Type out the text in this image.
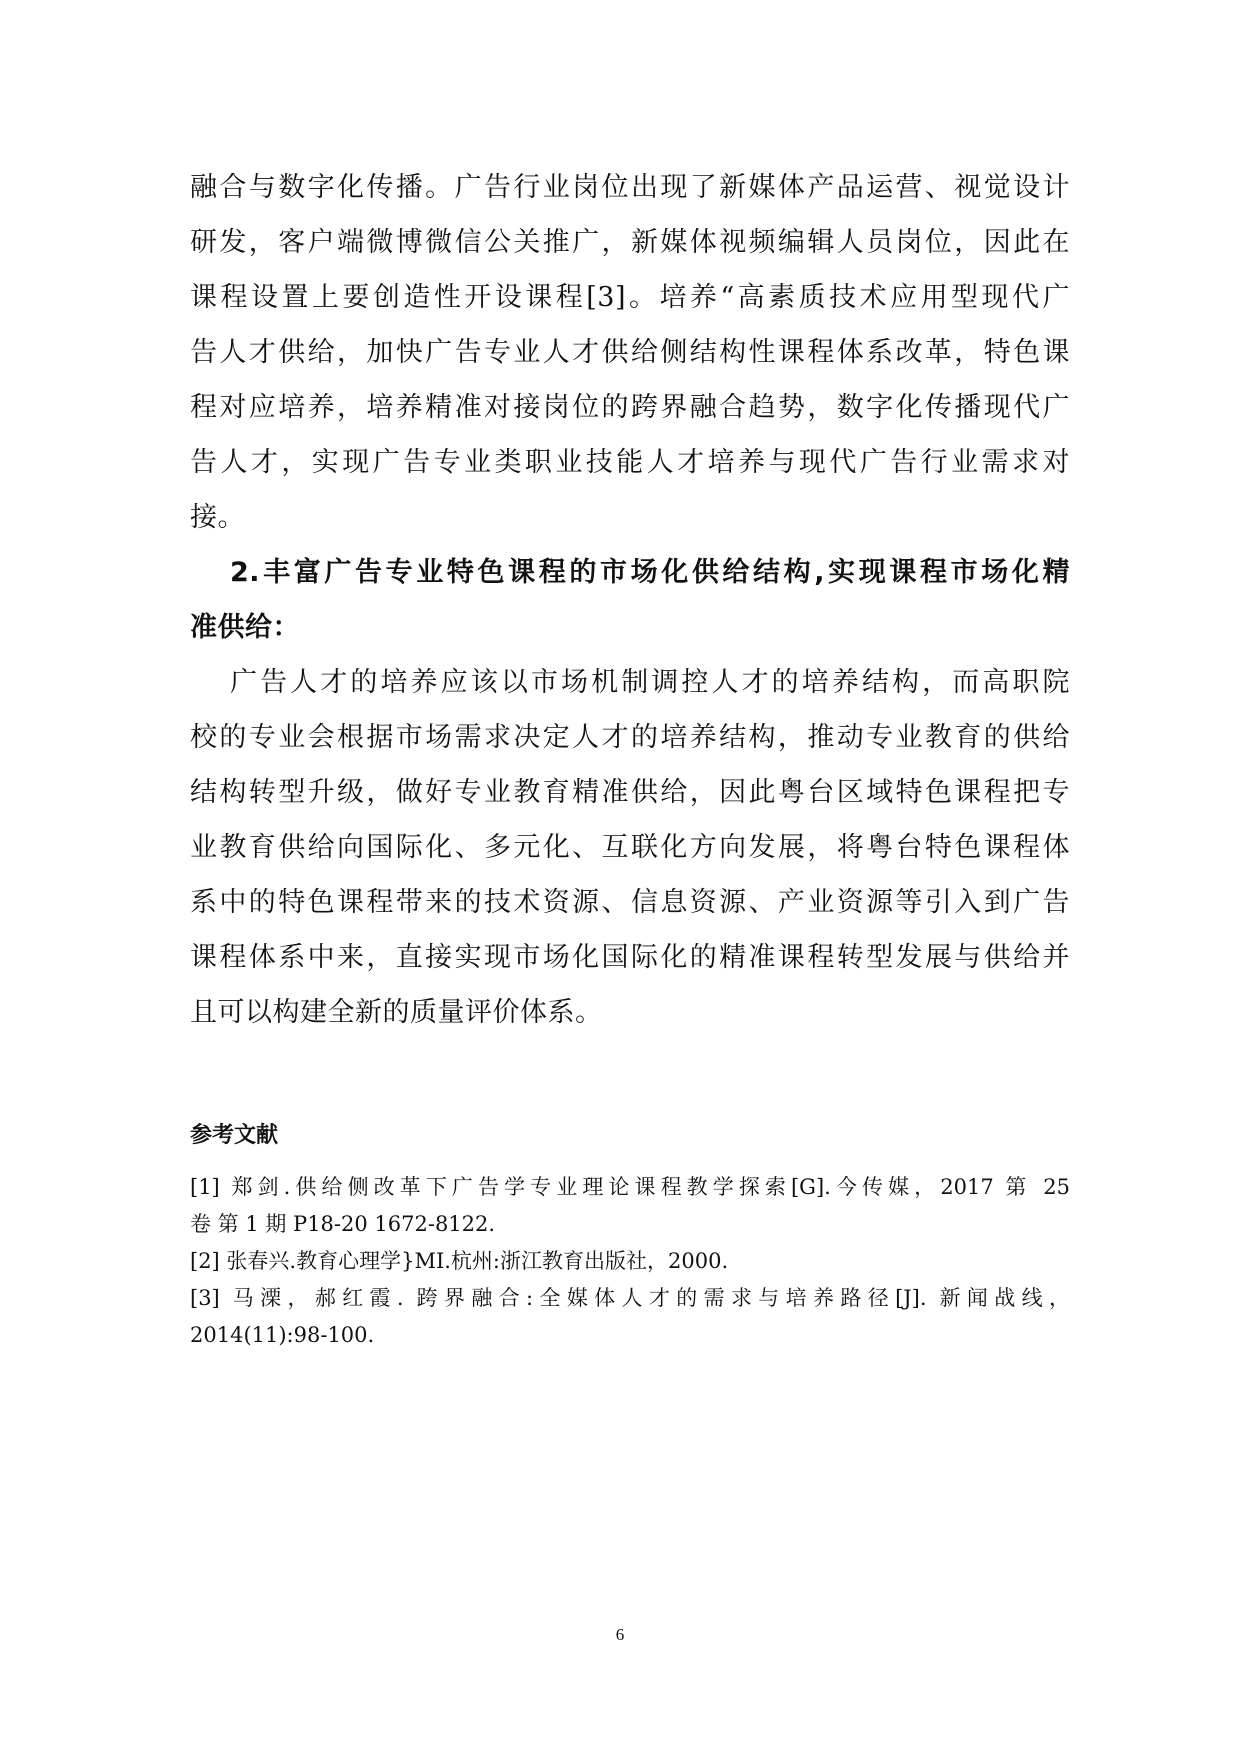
融合与数字化传播。广告行业岗位出现了新媒体产品运营、视觉设计
研发，客户端微博微信公关推广，新媒体视频编辑人员岗位，因此在
课程设置上要创造性开设课程[3]。培养“高素质技术应用型现代广
告人才供给，加快广告专业人才供给侧结构性课程体系改革，特色课
程对应培养，培养精准对接岗位的跨界融合趋势，数字化传播现代广
告人才，实现广告专业类职业技能人才培养与现代广告行业需求对
接。
2.丰富广告专业特色课程的市场化供给结构,实现课程市场化精
准供给：
广告人才的培养应该以市场机制调控人才的培养结构，而高职院
校的专业会根据市场需求决定人才的培养结构，推动专业教育的供给
结构转型升级，做好专业教育精准供给，因此粤台区域特色课程把专
业教育供给向国际化、多元化、互联化方向发展，将粤台特色课程体
系中的特色课程带来的技术资源、信息资源、产业资源等引入到广告
课程体系中来，直接实现市场化国际化的精准课程转型发展与供给并
且可以构建全新的质量评价体系。
参考文献
[1] 郑剑.供给侧改革下广告学专业理论课程教学探索[G].今传媒，2017 第 25
卷 第 1 期 P18-20 1672-8122.
[2] 张春兴.教育心理学}MI.杭州:浙江教育出版社，2000.
[3] 马溧，郝红霞. 跨界融合:全媒体人才的需求与培养路径[J]. 新闻战线，
2014(11):98-100.
6
